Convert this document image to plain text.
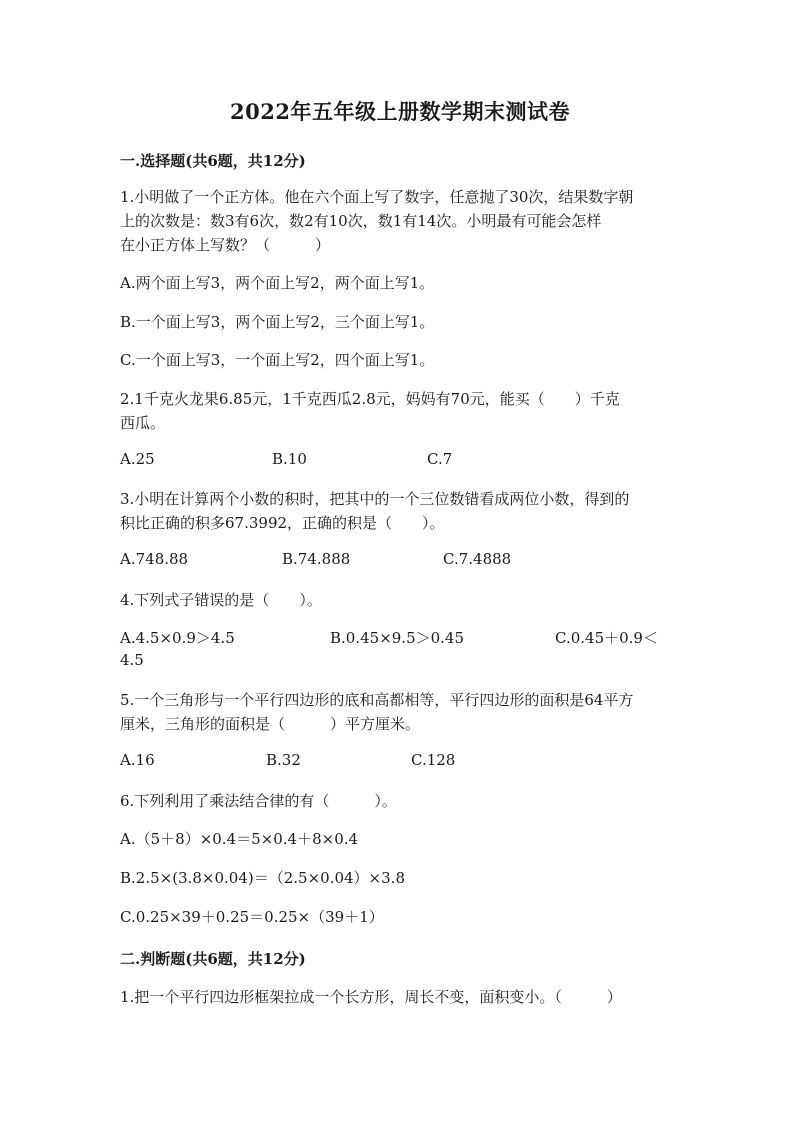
2022年五年级上册数学期末测试卷
一.选择题(共6题，共12分)
1.小明做了一个正方体。他在六个面上写了数字，任意抛了30次，结果数字朝
上的次数是：数3有6次，数2有10次，数1有14次。小明最有可能会怎样
在小正方体上写数？（　　　）
A.两个面上写3，两个面上写2，两个面上写1。
B.一个面上写3，两个面上写2，三个面上写1。
C.一个面上写3，一个面上写2，四个面上写1。
2.1千克火龙果6.85元，1千克西瓜2.8元，妈妈有70元，能买（　　）千克
西瓜。
A.25	B.10	C.7
3.小明在计算两个小数的积时，把其中的一个三位数错看成两位小数，得到的
积比正确的积多67.3992，正确的积是（　　）。
A.748.88	B.74.888	C.7.4888
4.下列式子错误的是（　　）。
A.4.5×0.9＞4.5	B.0.45×9.5＞0.45	C.0.45＋0.9＜
4.5
5.一个三角形与一个平行四边形的底和高都相等，平行四边形的面积是64平方
厘米，三角形的面积是（　　　）平方厘米。
A.16	B.32	C.128
6.下列利用了乘法结合律的有（　　　）。
A.（5＋8）×0.4＝5×0.4＋8×0.4
B.2.5×(3.8×0.04)＝（2.5×0.04）×3.8
C.0.25×39＋0.25＝0.25×（39＋1）
二.判断题(共6题，共12分)
1.把一个平行四边形框架拉成一个长方形，周长不变，面积变小。（　　　）
